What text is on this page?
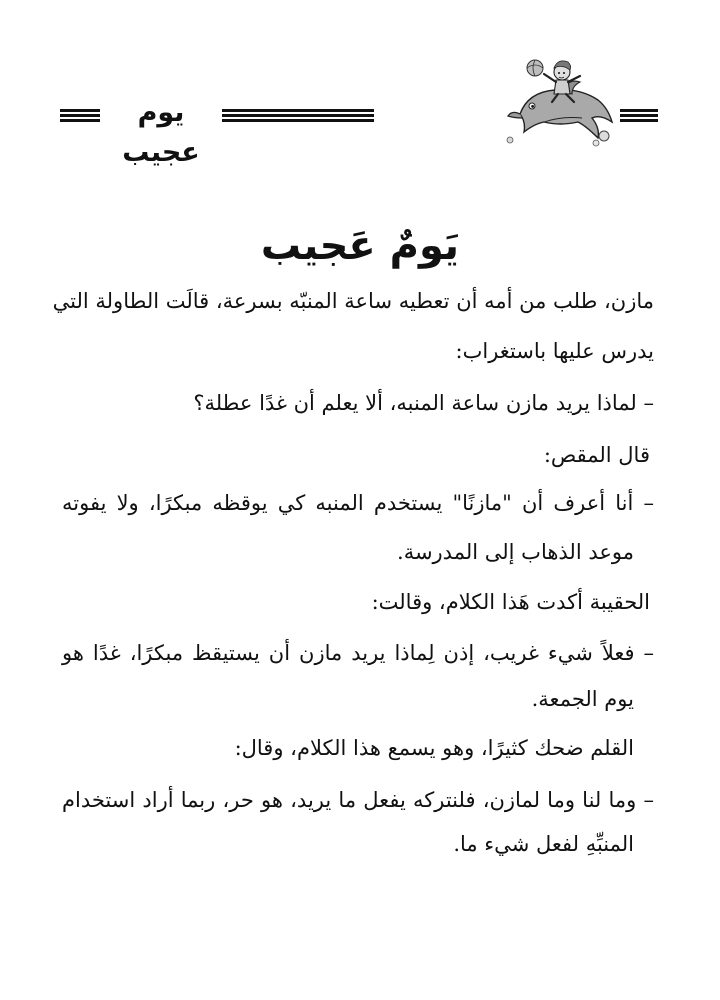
يوم عجيب
يَومٌ عَجيب
مازن، طلب من أمه أن تعطيه ساعة المنبّه بسرعة، قالَت الطاولة التي
يدرس عليها باستغراب:
– لماذا يريد مازن ساعة المنبه، ألا يعلم أن غدًا عطلة؟
قال المقص:
– أنا أعرف أن "مازنًا" يستخدم المنبه كي يوقظه مبكرًا، ولا يفوته
موعد الذهاب إلى المدرسة.
الحقيبة أكدت هَذا الكلام، وقالت:
– فعلاً شيء غريب، إذن لِماذا يريد مازن أن يستيقظ مبكرًا، غدًا هو
يوم الجمعة.
القلم ضحك كثيرًا، وهو يسمع هذا الكلام، وقال:
– وما لنا وما لمازن، فلنتركه يفعل ما يريد، هو حر، ربما أراد استخدام
المنبِّهِ لفعل شيء ما.
